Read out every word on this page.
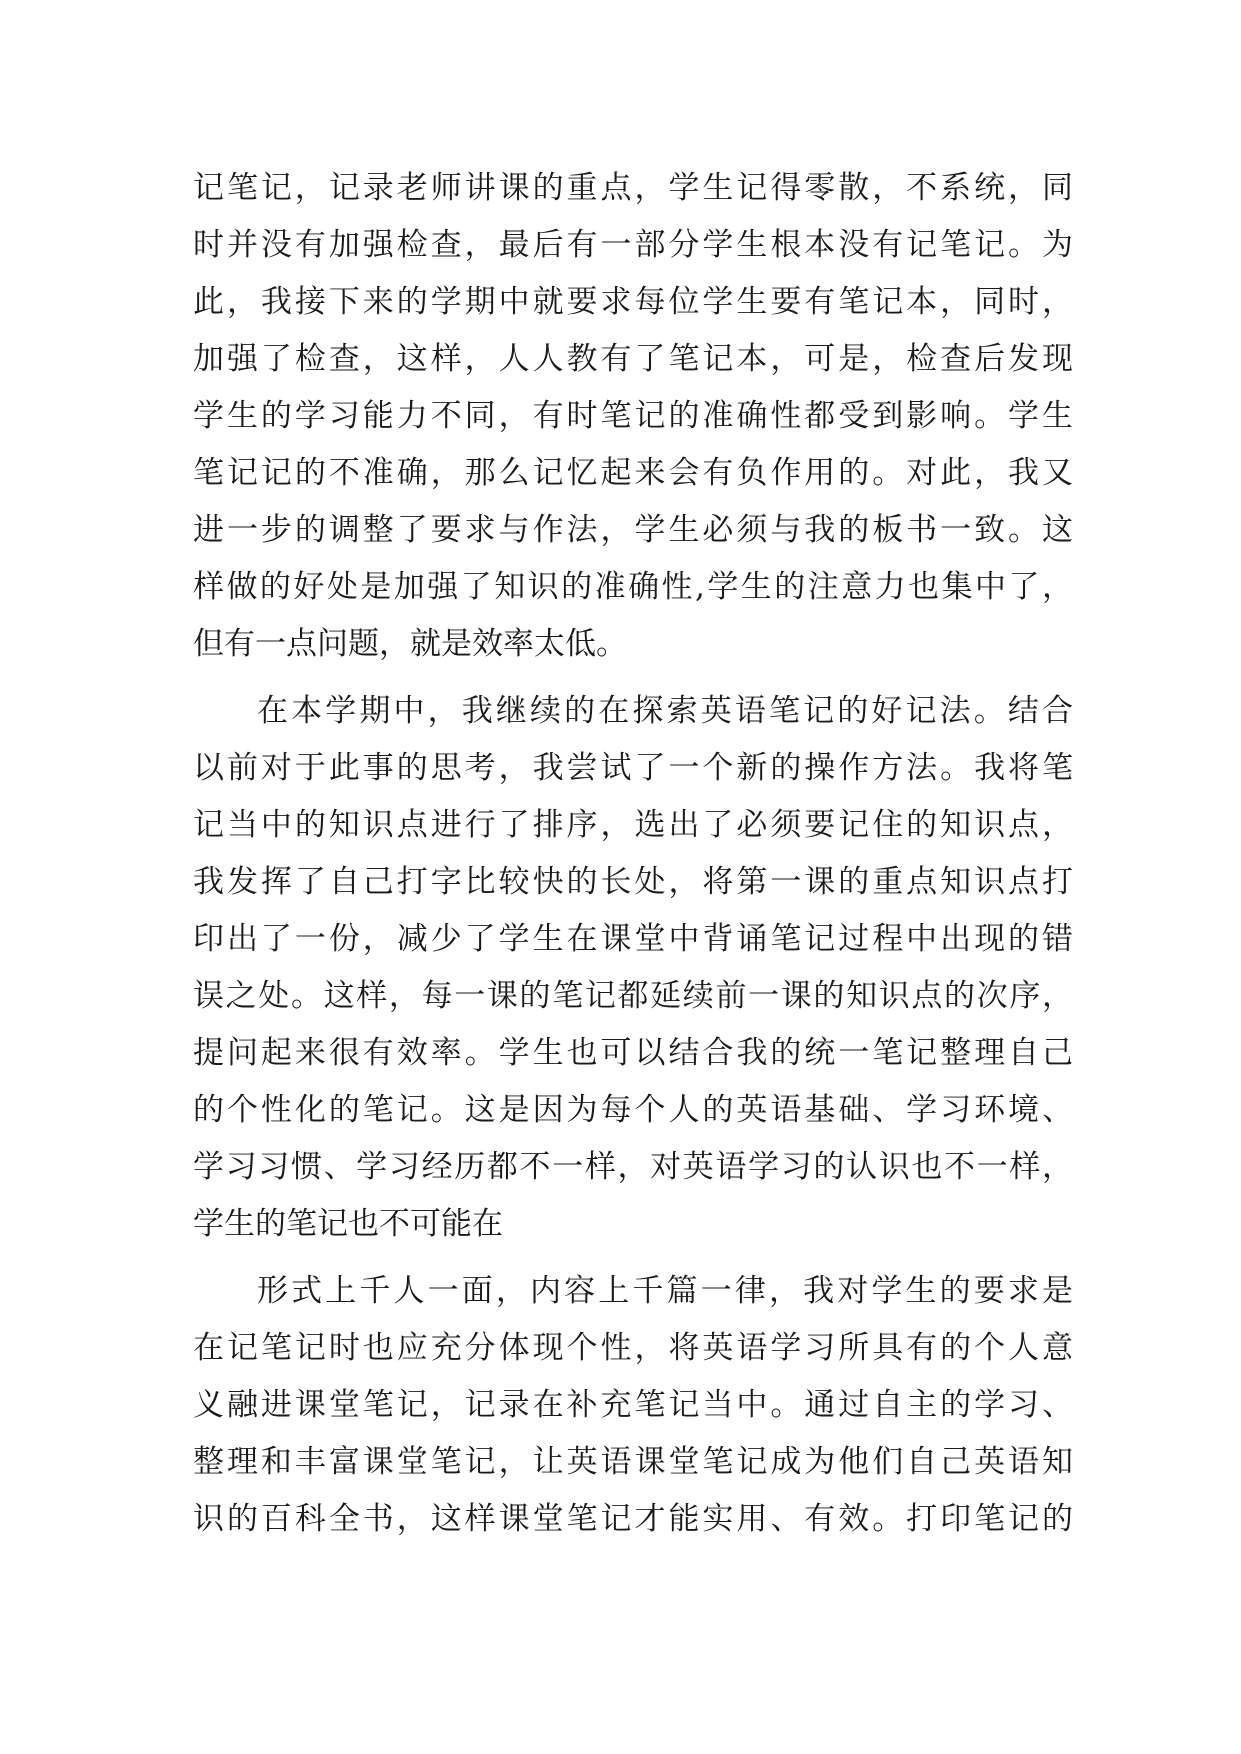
记笔记，记录老师讲课的重点，学生记得零散，不系统，同
时并没有加强检查，最后有一部分学生根本没有记笔记。为
此，我接下来的学期中就要求每位学生要有笔记本，同时，
加强了检查，这样，人人教有了笔记本，可是，检查后发现
学生的学习能力不同，有时笔记的准确性都受到影响。学生
笔记记的不准确，那么记忆起来会有负作用的。对此，我又
进一步的调整了要求与作法，学生必须与我的板书一致。这
样做的好处是加强了知识的准确性,学生的注意力也集中了，
但有一点问题，就是效率太低。
在本学期中，我继续的在探索英语笔记的好记法。结合
以前对于此事的思考，我尝试了一个新的操作方法。我将笔
记当中的知识点进行了排序，选出了必须要记住的知识点，
我发挥了自己打字比较快的长处，将第一课的重点知识点打
印出了一份，减少了学生在课堂中背诵笔记过程中出现的错
误之处。这样，每一课的笔记都延续前一课的知识点的次序，
提问起来很有效率。学生也可以结合我的统一笔记整理自己
的个性化的笔记。这是因为每个人的英语基础、学习环境、
学习习惯、学习经历都不一样，对英语学习的认识也不一样，
学生的笔记也不可能在
形式上千人一面，内容上千篇一律，我对学生的要求是
在记笔记时也应充分体现个性，将英语学习所具有的个人意
义融进课堂笔记，记录在补充笔记当中。通过自主的学习、
整理和丰富课堂笔记，让英语课堂笔记成为他们自己英语知
识的百科全书，这样课堂笔记才能实用、有效。打印笔记的
